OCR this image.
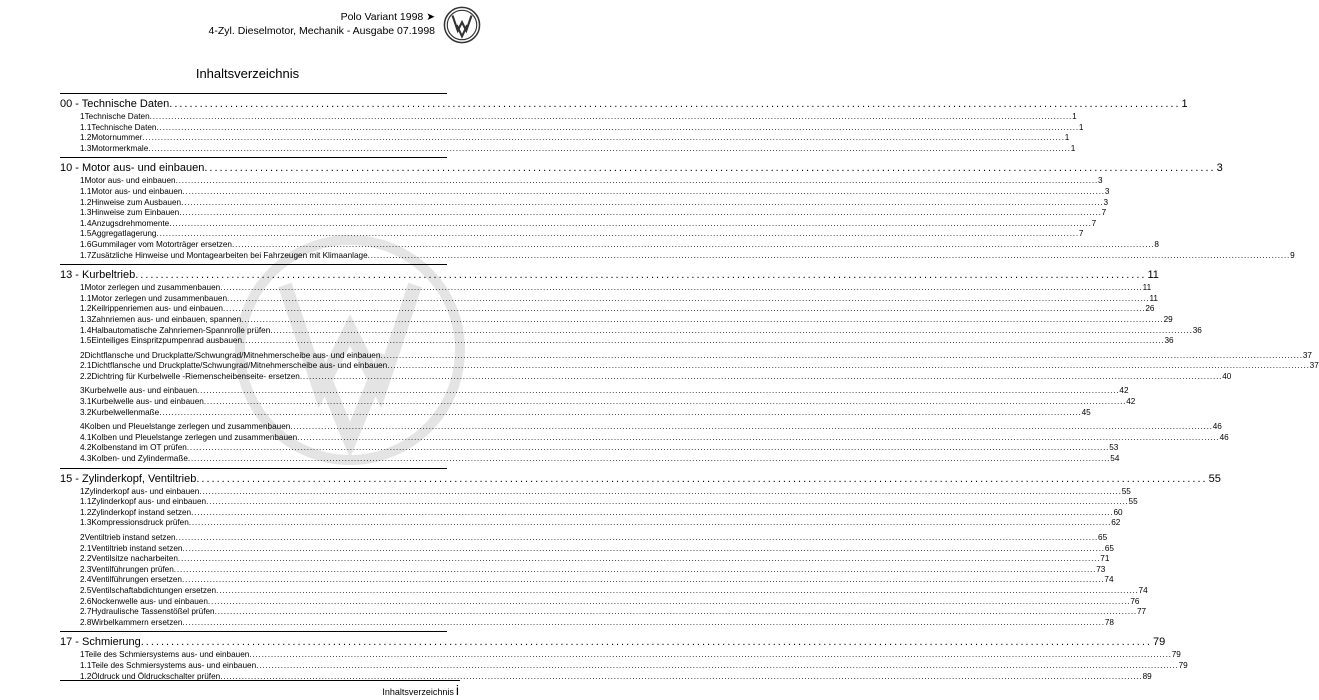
Polo Variant 1998 ➤
4-Zyl. Dieselmotor, Mechanik - Ausgabe 07.1998
Inhaltsverzeichnis
00 - Technische Daten ........................................................................................................................................................................................................ 1
1 Technische Daten ............................................................................................................................................................................................................................................................................................................ 1
1.1 Technische Daten ............................................................................................................................................................................................................................................................................................................ 1
1.2 Motornummer ............................................................................................................................................................................................................................................................................................................ 1
1.3 Motormerkmale ............................................................................................................................................................................................................................................................................................................ 1
10 - Motor aus- und einbauen ........................................................................................................................................................................................................ 3
1 Motor aus- und einbauen ............................................................................................................................................................................................................................................................................................................ 3
1.1 Motor aus- und einbauen ............................................................................................................................................................................................................................................................................................................ 3
1.2 Hinweise zum Ausbauen ............................................................................................................................................................................................................................................................................................................ 3
1.3 Hinweise zum Einbauen ............................................................................................................................................................................................................................................................................................................ 7
1.4 Anzugsdrehmomente ............................................................................................................................................................................................................................................................................................................ 7
1.5 Aggregatlagerung ............................................................................................................................................................................................................................................................................................................ 7
1.6 Gummilager vom Motorträger ersetzen ............................................................................................................................................................................................................................................................................................................ 8
1.7 Zusätzliche Hinweise und Montagearbeiten bei Fahrzeugen mit Klimaanlage ............................................................................................................................................................................................................................................................................................................ 9
13 - Kurbeltrieb ........................................................................................................................................................................................................ 11
1 Motor zerlegen und zusammenbauen ............................................................................................................................................................................................................................................................................................................ 11
1.1 Motor zerlegen und zusammenbauen ............................................................................................................................................................................................................................................................................................................ 11
1.2 Keilrippenriemen aus- und einbauen ............................................................................................................................................................................................................................................................................................................ 26
1.3 Zahnriemen aus- und einbauen, spannen ............................................................................................................................................................................................................................................................................................................ 29
1.4 Halbautomatische Zahnriemen-Spannrolle prüfen ............................................................................................................................................................................................................................................................................................................ 36
1.5 Einteiliges Einspritzpumpenrad ausbauen ............................................................................................................................................................................................................................................................................................................ 36
2 Dichtflansche und Druckplatte/Schwungrad/Mitnehmerscheibe aus- und einbauen ............................................................................................................................................................................................................................................................................................................ 37
2.1 Dichtflansche und Druckplatte/Schwungrad/Mitnehmerscheibe aus- und einbauen ............................................................................................................................................................................................................................................................................................................ 37
2.2 Dichtring für Kurbelwelle -Riemenscheibenseite- ersetzen ............................................................................................................................................................................................................................................................................................................ 40
3 Kurbelwelle aus- und einbauen ............................................................................................................................................................................................................................................................................................................ 42
3.1 Kurbelwelle aus- und einbauen ............................................................................................................................................................................................................................................................................................................ 42
3.2 Kurbelwellenmaße ............................................................................................................................................................................................................................................................................................................ 45
4 Kolben und Pleuelstange zerlegen und zusammenbauen ............................................................................................................................................................................................................................................................................................................ 46
4.1 Kolben und Pleuelstange zerlegen und zusammenbauen ............................................................................................................................................................................................................................................................................................................ 46
4.2 Kolbenstand im OT prüfen ............................................................................................................................................................................................................................................................................................................ 53
4.3 Kolben- und Zylindermaße ............................................................................................................................................................................................................................................................................................................ 54
15 - Zylinderkopf, Ventiltrieb ........................................................................................................................................................................................................ 55
1 Zylinderkopf aus- und einbauen ............................................................................................................................................................................................................................................................................................................ 55
1.1 Zylinderkopf aus- und einbauen ............................................................................................................................................................................................................................................................................................................ 55
1.2 Zylinderkopf instand setzen ............................................................................................................................................................................................................................................................................................................ 60
1.3 Kompressionsdruck prüfen ............................................................................................................................................................................................................................................................................................................ 62
2 Ventiltrieb instand setzen ............................................................................................................................................................................................................................................................................................................ 65
2.1 Ventiltrieb instand setzen ............................................................................................................................................................................................................................................................................................................ 65
2.2 Ventilsitze nacharbeiten ............................................................................................................................................................................................................................................................................................................ 71
2.3 Ventilführungen prüfen ............................................................................................................................................................................................................................................................................................................ 73
2.4 Ventilführungen ersetzen ............................................................................................................................................................................................................................................................................................................ 74
2.5 Ventilschaftabdichtungen ersetzen ............................................................................................................................................................................................................................................................................................................ 74
2.6 Nockenwelle aus- und einbauen ............................................................................................................................................................................................................................................................................................................ 76
2.7 Hydraulische Tassenstößel prüfen ............................................................................................................................................................................................................................................................................................................ 77
2.8 Wirbelkammern ersetzen ............................................................................................................................................................................................................................................................................................................ 78
17 - Schmierung ........................................................................................................................................................................................................ 79
1 Teile des Schmiersystems aus- und einbauen ............................................................................................................................................................................................................................................................................................................ 79
1.1 Teile des Schmiersystems aus- und einbauen ............................................................................................................................................................................................................................................................................................................ 79
1.2 Öldruck und Öldruckschalter prüfen ............................................................................................................................................................................................................................................................................................................ 89
Inhaltsverzeichnis i
